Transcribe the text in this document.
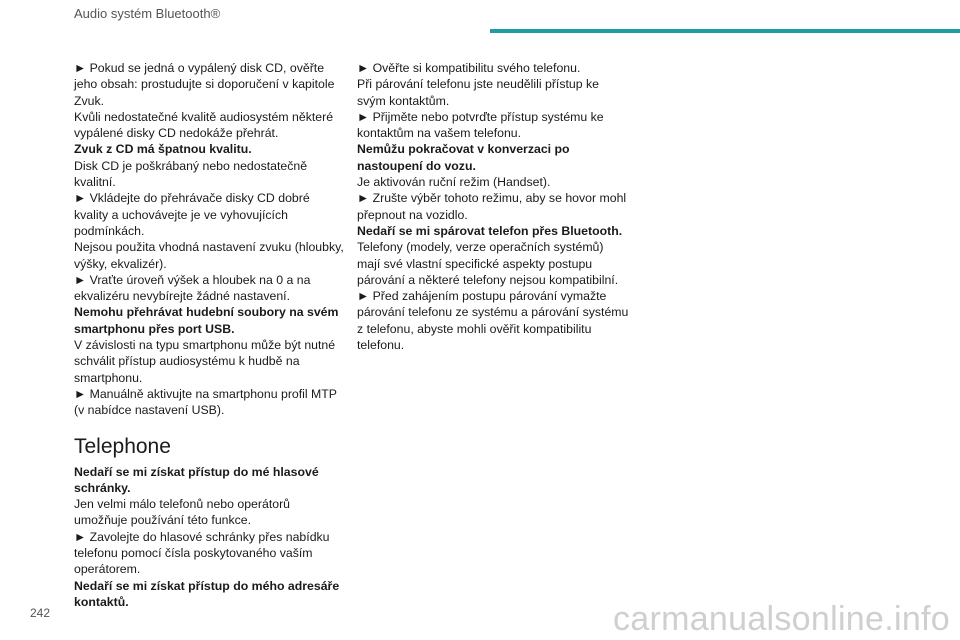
Audio systém Bluetooth®

► Pokud se jedná o vypálený disk CD, ověřte jeho obsah: prostudujte si doporučení v kapitole Zvuk.

Kvůli nedostatečné kvalitě audiosystém některé vypálené disky CD nedokáže přehrát.

Zvuk z CD má špatnou kvalitu.

Disk CD je poškrábaný nebo nedostatečně kvalitní.

► Vkládejte do přehrávače disky CD dobré kvality a uchovávejte je ve vyhovujících podmínkách.

Nejsou použita vhodná nastavení zvuku (hloubky, výšky, ekvalizér).

► Vraťte úroveň výšek a hloubek na 0 a na ekvalizéru nevybírejte žádné nastavení.

Nemohu přehrávat hudební soubory na svém smartphonu přes port USB.

V závislosti na typu smartphonu může být nutné schválit přístup audiosystému k hudbě na smartphonu.

► Manuálně aktivujte na smartphonu profil MTP (v nabídce nastavení USB).

Telephone

Nedaří se mi získat přístup do mé hlasové schránky.

Jen velmi málo telefonů nebo operátorů umožňuje používání této funkce.

► Zavolejte do hlasové schránky přes nabídku telefonu pomocí čísla poskytovaného vaším operátorem.

Nedaří se mi získat přístup do mého adresáře kontaktů.

► Ověřte si kompatibilitu svého telefonu.

Při párování telefonu jste neudělili přístup ke svým kontaktům.

► Přijměte nebo potvrďte přístup systému ke kontaktům na vašem telefonu.

Nemůžu pokračovat v konverzaci po nastoupení do vozu.

Je aktivován ruční režim (Handset).

► Zrušte výběr tohoto režimu, aby se hovor mohl přepnout na vozidlo.

Nedaří se mi spárovat telefon přes Bluetooth.

Telefony (modely, verze operačních systémů) mají své vlastní specifické aspekty postupu párování a některé telefony nejsou kompatibilní.

► Před zahájením postupu párování vymažte párování telefonu ze systému a párování systému z telefonu, abyste mohli ověřit kompatibilitu telefonu.

242	carmanualsonline.info
